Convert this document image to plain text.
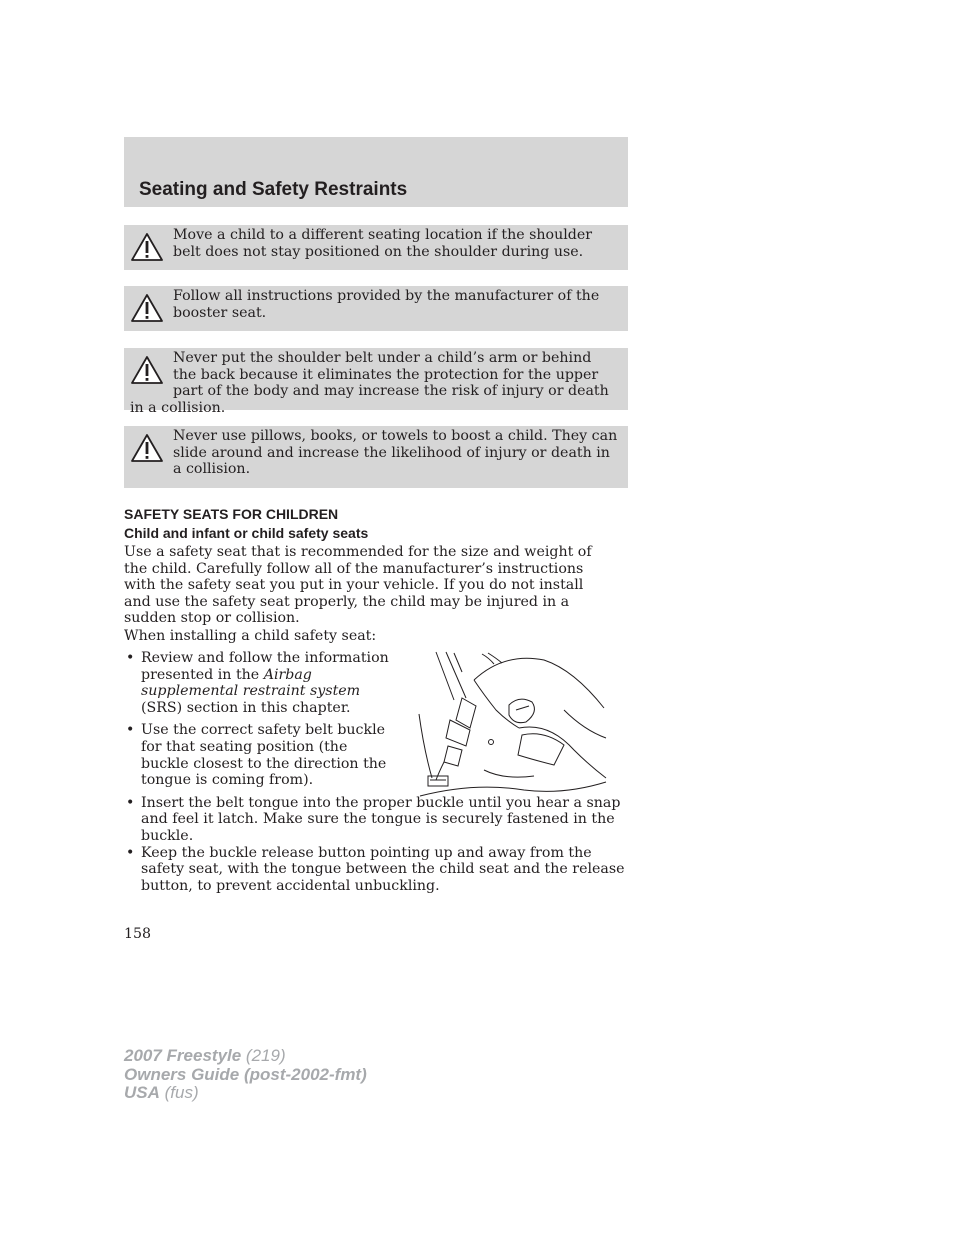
Seating and Safety Restraints

Move a child to a different seating location if the shoulder belt does not stay positioned on the shoulder during use.

Follow all instructions provided by the manufacturer of the booster seat.

Never put the shoulder belt under a child’s arm or behind the back because it eliminates the protection for the upper part of the body and may increase the risk of injury or death in a collision.

Never use pillows, books, or towels to boost a child. They can slide around and increase the likelihood of injury or death in a collision.

SAFETY SEATS FOR CHILDREN
Child and infant or child safety seats

Use a safety seat that is recommended for the size and weight of the child. Carefully follow all of the manufacturer’s instructions with the safety seat you put in your vehicle. If you do not install and use the safety seat properly, the child may be injured in a sudden stop or collision.

When installing a child safety seat:

• Review and follow the information presented in the Airbag supplemental restraint system (SRS) section in this chapter.
• Use the correct safety belt buckle for that seating position (the buckle closest to the direction the tongue is coming from).
• Insert the belt tongue into the proper buckle until you hear a snap and feel it latch. Make sure the tongue is securely fastened in the buckle.
• Keep the buckle release button pointing up and away from the safety seat, with the tongue between the child seat and the release button, to prevent accidental unbuckling.

158

2007 Freestyle (219)
Owners Guide (post-2002-fmt)
USA (fus)
